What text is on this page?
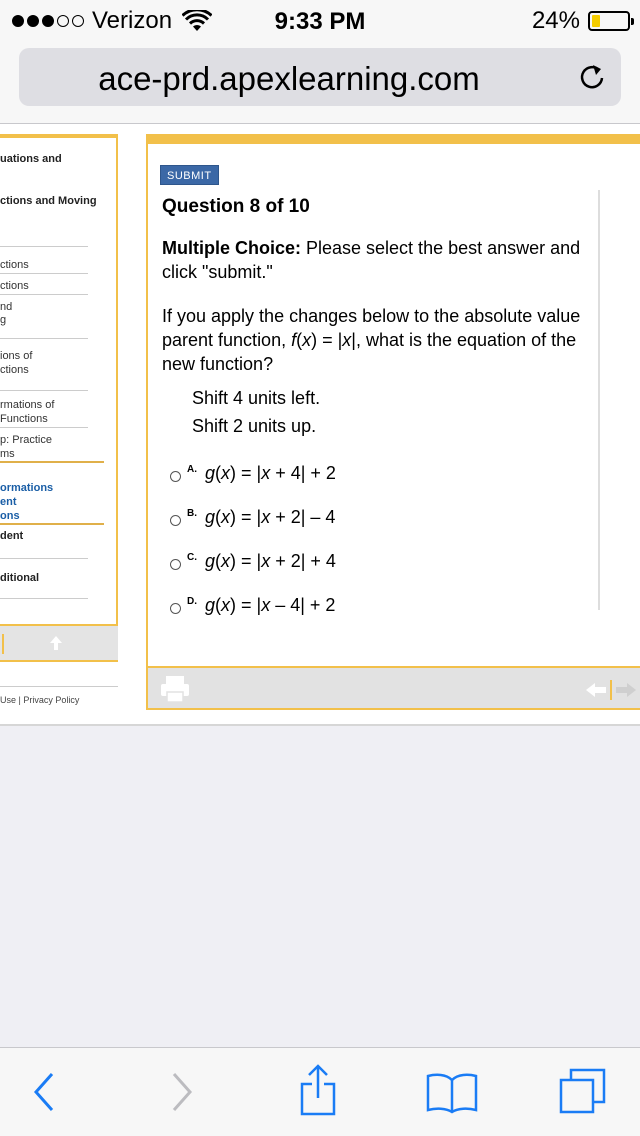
Verizon	9:33 PM	24%
ace-prd.apexlearning.com
uations and
ctions and Moving
ctions
ctions
nd
g
ions of
ctions
rmations of
Functions
p: Practice
ms
ormations
ent
ons
dent
ditional
Use | Privacy Policy
SUBMIT
Question 8 of 10
Multiple Choice: Please select the best answer and click "submit."
If you apply the changes below to the absolute value parent function, f(x) = |x|, what is the equation of the new function?
Shift 4 units left.
Shift 2 units up.
A. g(x) = |x + 4| + 2
B. g(x) = |x + 2| – 4
C. g(x) = |x + 2| + 4
D. g(x) = |x – 4| + 2
